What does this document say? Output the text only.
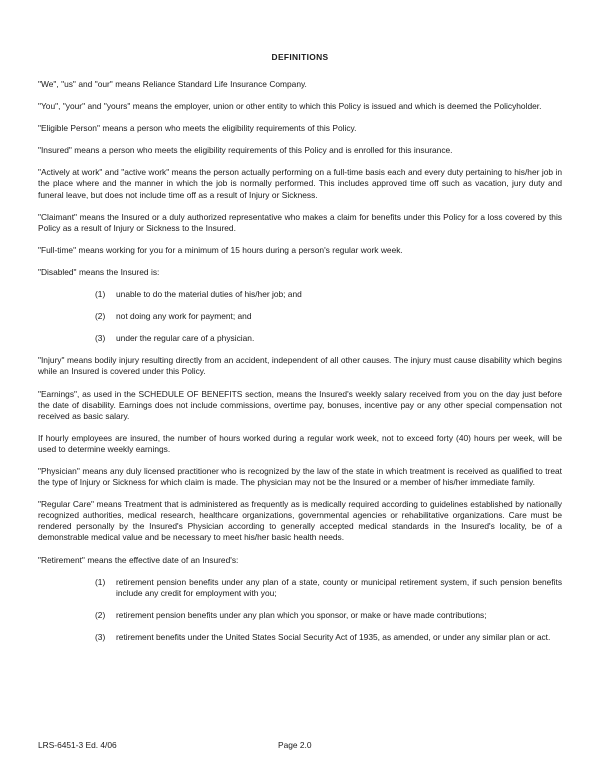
DEFINITIONS

"We", "us" and "our" means Reliance Standard Life Insurance Company.

"You", "your" and "yours" means the employer, union or other entity to which this Policy is issued and which is deemed the Policyholder.

"Eligible Person" means a person who meets the eligibility requirements of this Policy.

"Insured" means a person who meets the eligibility requirements of this Policy and is enrolled for this insurance.

"Actively at work" and "active work" means the person actually performing on a full-time basis each and every duty pertaining to his/her job in the place where and the manner in which the job is normally performed. This includes approved time off such as vacation, jury duty and funeral leave, but does not include time off as a result of Injury or Sickness.

"Claimant" means the Insured or a duly authorized representative who makes a claim for benefits under this Policy for a loss covered by this Policy as a result of Injury or Sickness to the Insured.

"Full-time" means working for you for a minimum of 15 hours during a person's regular work week.

"Disabled" means the Insured is:

(1)	unable to do the material duties of his/her job; and
(2)	not doing any work for payment; and
(3)	under the regular care of a physician.

"Injury" means bodily injury resulting directly from an accident, independent of all other causes. The injury must cause disability which begins while an Insured is covered under this Policy.

"Earnings", as used in the SCHEDULE OF BENEFITS section, means the Insured's weekly salary received from you on the day just before the date of disability. Earnings does not include commissions, overtime pay, bonuses, incentive pay or any other special compensation not received as basic salary.

If hourly employees are insured, the number of hours worked during a regular work week, not to exceed forty (40) hours per week, will be used to determine weekly earnings.

"Physician" means any duly licensed practitioner who is recognized by the law of the state in which treatment is received as qualified to treat the type of Injury or Sickness for which claim is made. The physician may not be the Insured or a member of his/her immediate family.

"Regular Care" means Treatment that is administered as frequently as is medically required according to guidelines established by nationally recognized authorities, medical research, healthcare organizations, governmental agencies or rehabilitative organizations. Care must be rendered personally by the Insured's Physician according to generally accepted medical standards in the Insured's locality, be of a demonstrable medical value and be necessary to meet his/her basic health needs.

"Retirement" means the effective date of an Insured's:

(1)	retirement pension benefits under any plan of a state, county or municipal retirement system, if such pension benefits include any credit for employment with you;
(2)	retirement pension benefits under any plan which you sponsor, or make or have made contributions;
(3)	retirement benefits under the United States Social Security Act of 1935, as amended, or under any similar plan or act.
LRS-6451-3 Ed. 4/06	Page 2.0
